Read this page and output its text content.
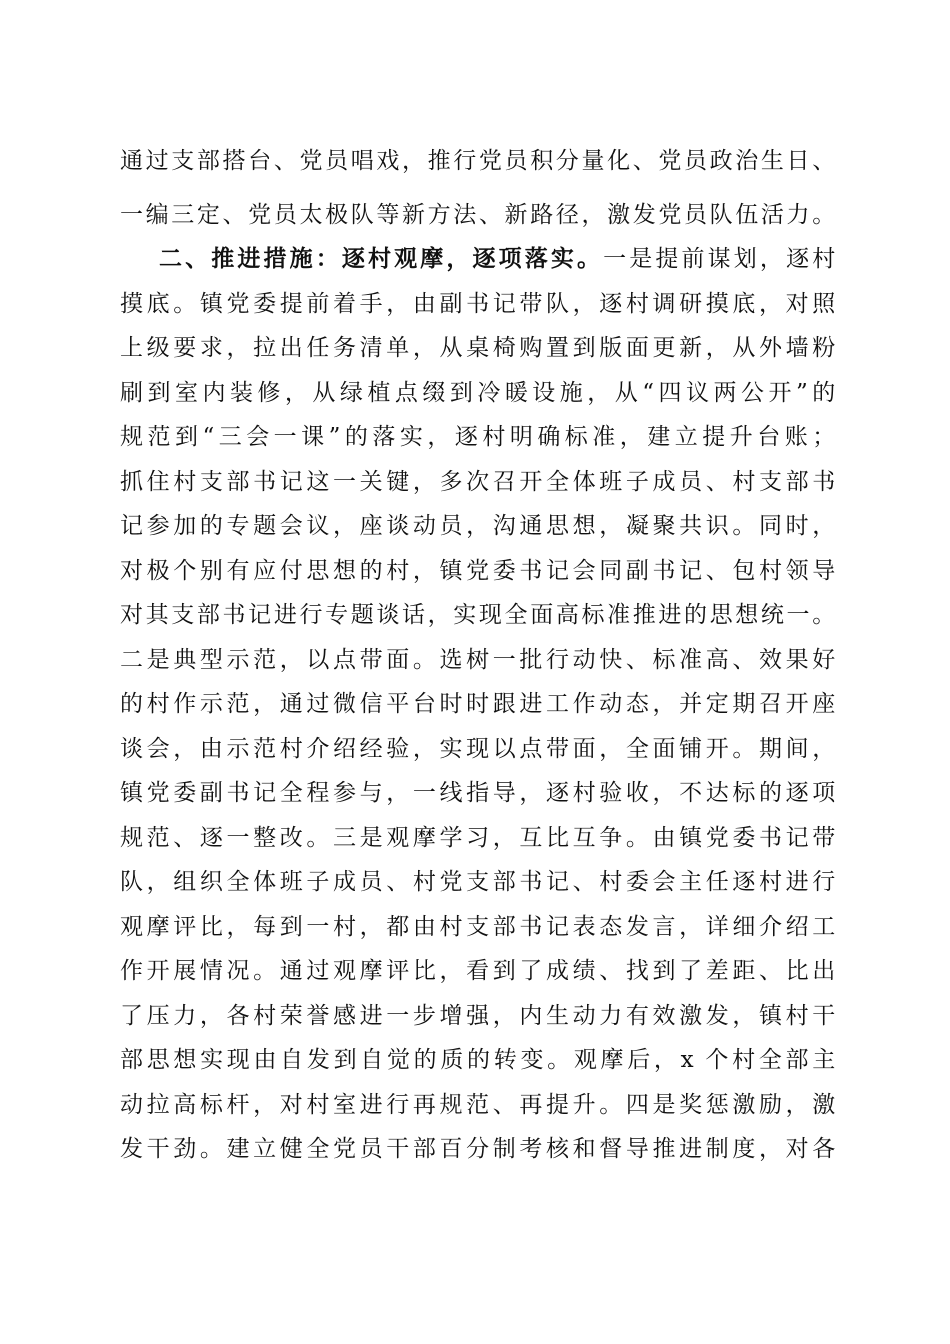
通过支部搭台、党员唱戏，推行党员积分量化、党员政治生日、
一编三定、党员太极队等新方法、新路径，激发党员队伍活力。
二、推进措施：逐村观摩，逐项落实。一是提前谋划，逐村
摸底。镇党委提前着手，由副书记带队，逐村调研摸底，对照
上级要求，拉出任务清单，从桌椅购置到版面更新，从外墙粉
刷到室内装修，从绿植点缀到冷暖设施，从“四议两公开”的
规范到“三会一课”的落实，逐村明确标准，建立提升台账；
抓住村支部书记这一关键，多次召开全体班子成员、村支部书
记参加的专题会议，座谈动员，沟通思想，凝聚共识。同时，
对极个别有应付思想的村，镇党委书记会同副书记、包村领导
对其支部书记进行专题谈话，实现全面高标准推进的思想统一。
二是典型示范，以点带面。选树一批行动快、标准高、效果好
的村作示范，通过微信平台时时跟进工作动态，并定期召开座
谈会，由示范村介绍经验，实现以点带面，全面铺开。期间，
镇党委副书记全程参与，一线指导，逐村验收，不达标的逐项
规范、逐一整改。三是观摩学习，互比互争。由镇党委书记带
队，组织全体班子成员、村党支部书记、村委会主任逐村进行
观摩评比，每到一村，都由村支部书记表态发言，详细介绍工
作开展情况。通过观摩评比，看到了成绩、找到了差距、比出
了压力，各村荣誉感进一步增强，内生动力有效激发，镇村干
部思想实现由自发到自觉的质的转变。观摩后，x 个村全部主
动拉高标杆，对村室进行再规范、再提升。四是奖惩激励，激
发干劲。建立健全党员干部百分制考核和督导推进制度，对各
